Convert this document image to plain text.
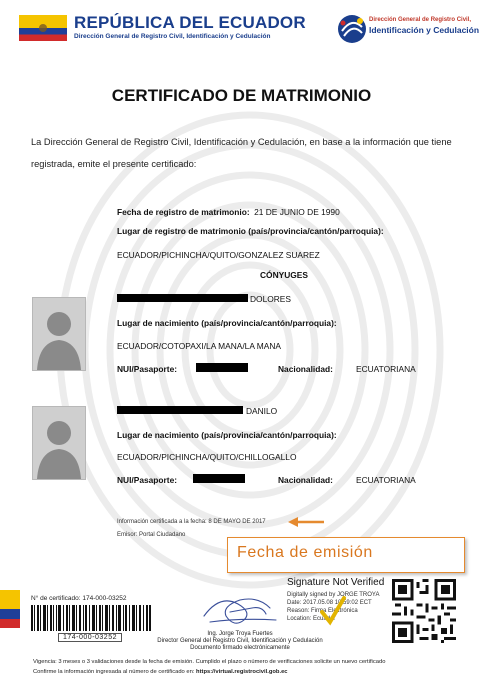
REPÚBLICA DEL ECUADOR
Dirección General de Registro Civil, Identificación y Cedulación
Dirección General de Registro Civil,
Identificación y Cedulación
CERTIFICADO DE MATRIMONIO
La Dirección General de Registro Civil, Identificación y Cedulación, en base a la información que tiene registrada, emite el presente certificado:
Fecha de registro de matrimonio: 21 DE JUNIO DE 1990
Lugar de registro de matrimonio (país/provincia/cantón/parroquia):
ECUADOR/PICHINCHA/QUITO/GONZALEZ SUAREZ
CÓNYUGES
DOLORES
Lugar de nacimiento (país/provincia/cantón/parroquia):
ECUADOR/COTOPAXI/LA MANA/LA MANA
NUI/Pasaporte:	Nacionalidad:	ECUATORIANA
DANILO
Lugar de nacimiento (país/provincia/cantón/parroquia):
ECUADOR/PICHINCHA/QUITO/CHILLOGALLO
NUI/Pasaporte:	Nacionalidad:	ECUATORIANA
Información certificada a la fecha: 8 DE MAYO DE 2017
Emisor: Portal Ciudadano
Fecha de emisión
Signature Not Verified
Digitally signed by JORGE TROYA
Date: 2017.05.08 10:59:02 ECT
Reason: Firma Electrónica
Location: Ecuador
N° de certificado: 174-000-03252
174-000-03252	Ing. Jorge Troya Fuertes
Director General del Registro Civil, Identificación y Cedulación
Documento firmado electrónicamente
Vigencia: 3 meses o 3 validaciones desde la fecha de emisión. Cumplido el plazo o número de verificaciones solicite un nuevo certificado
Confirme la información ingresada al número de certificado en: https://virtual.registrocivil.gob.ec
